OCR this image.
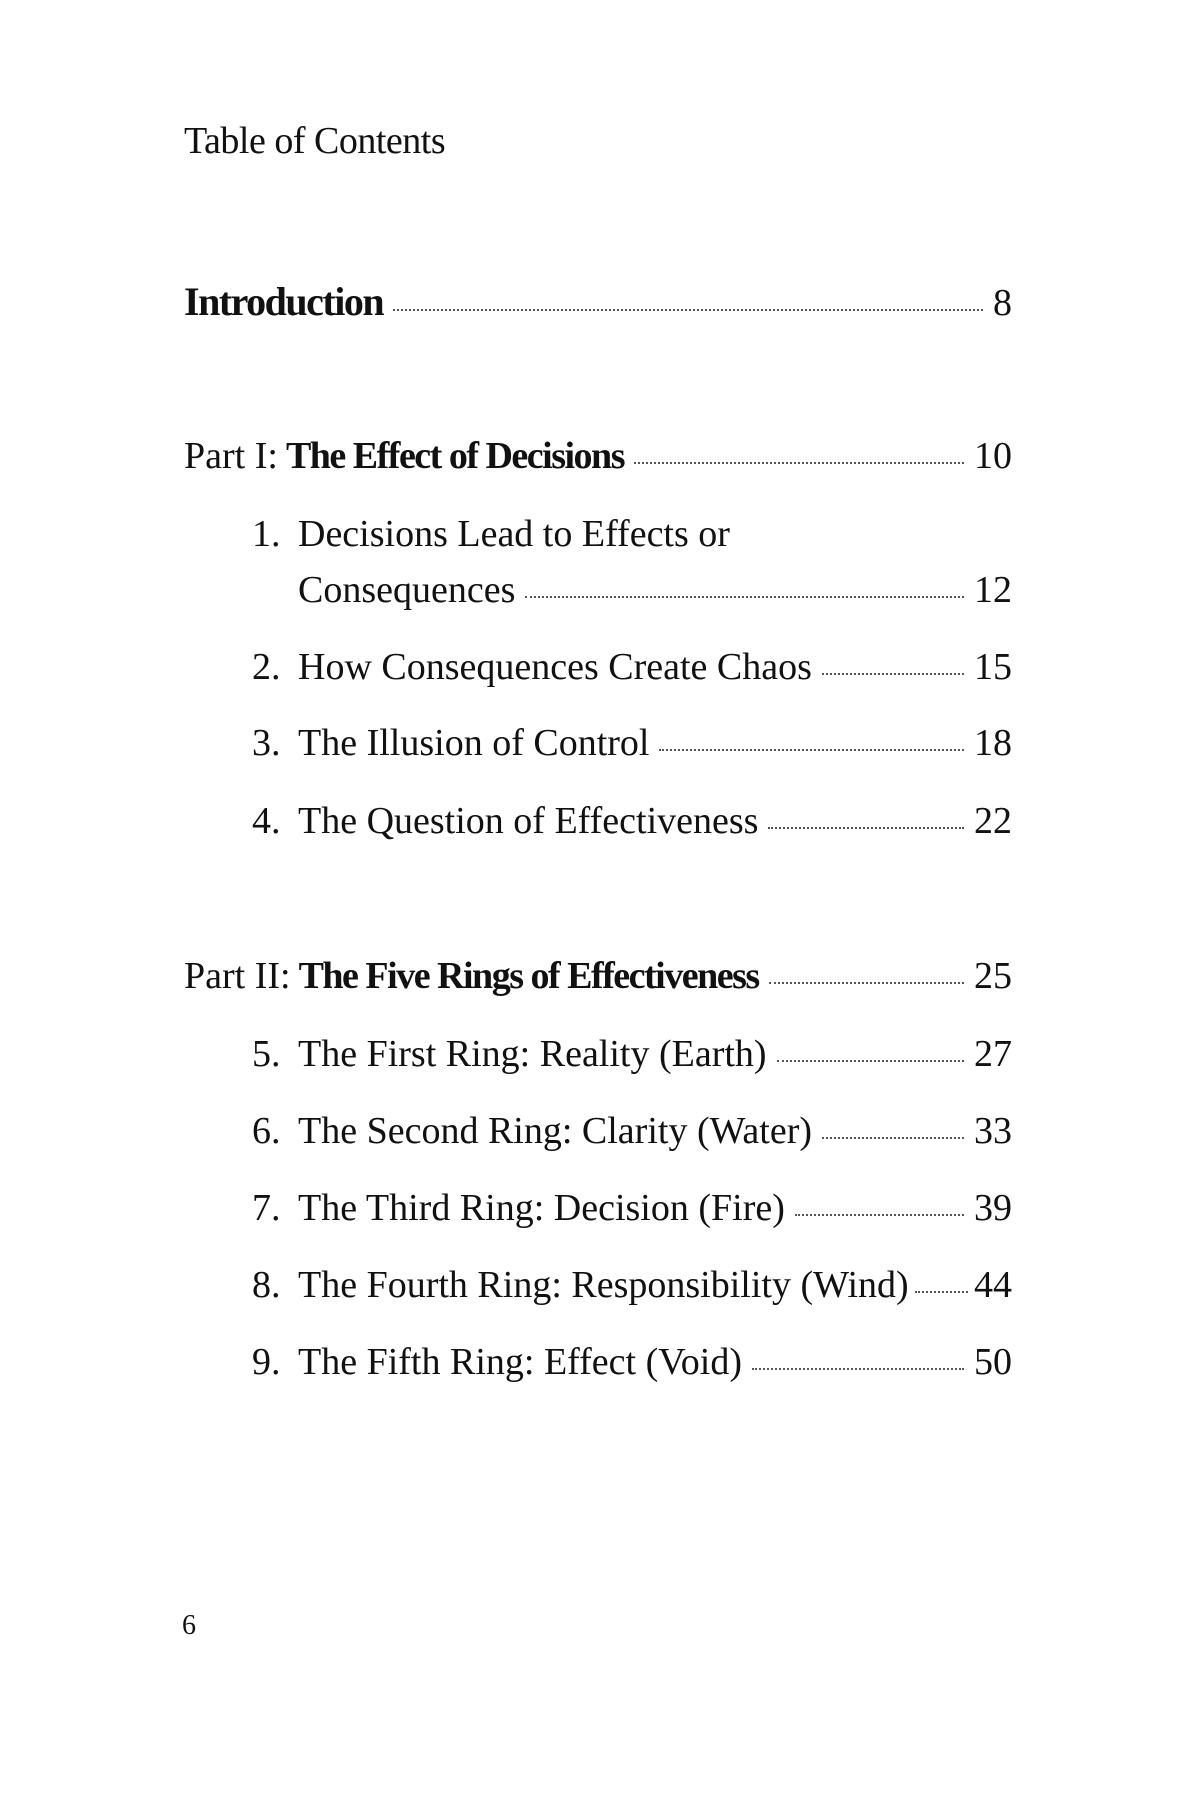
Table of Contents
Introduction	8
Part I: The Effect of Decisions	10
1. Decisions Lead to Effects or
Consequences	12
2. How Consequences Create Chaos	15
3. The Illusion of Control	18
4. The Question of Effectiveness	22
Part II: The Five Rings of Effectiveness	25
5. The First Ring: Reality (Earth)	27
6. The Second Ring: Clarity (Water)	33
7. The Third Ring: Decision (Fire)	39
8. The Fourth Ring: Responsibility (Wind) 44
9. The Fifth Ring: Effect (Void)	50
6
